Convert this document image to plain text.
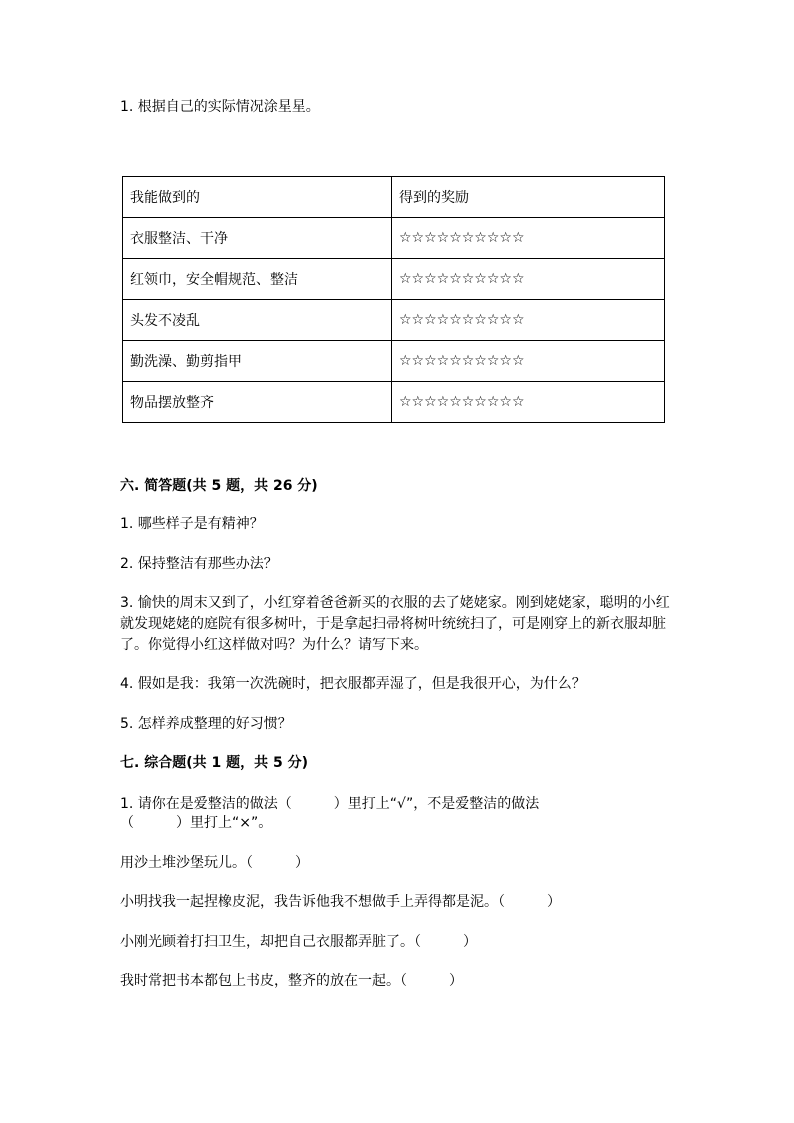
1. 根据自己的实际情况涂星星。
我能做到的	得到的奖励
衣服整洁、干净	☆☆☆☆☆☆☆☆☆☆
红领巾，安全帽规范、整洁	☆☆☆☆☆☆☆☆☆☆
头发不凌乱	☆☆☆☆☆☆☆☆☆☆
勤洗澡、勤剪指甲	☆☆☆☆☆☆☆☆☆☆
物品摆放整齐	☆☆☆☆☆☆☆☆☆☆
六. 简答题(共 5 题，共 26 分)
1. 哪些样子是有精神？
2. 保持整洁有那些办法？
3. 愉快的周末又到了，小红穿着爸爸新买的衣服的去了姥姥家。刚到姥姥家，聪明的小红就发现姥姥的庭院有很多树叶，于是拿起扫帚将树叶统统扫了，可是刚穿上的新衣服却脏了。你觉得小红这样做对吗？为什么？请写下来。
4. 假如是我：我第一次洗碗时，把衣服都弄湿了，但是我很开心，为什么？
5. 怎样养成整理的好习惯？
七. 综合题(共 1 题，共 5 分)
1. 请你在是爱整洁的做法（　　　）里打上“√”，不是爱整洁的做法
（　　　）里打上“×”。
用沙土堆沙堡玩儿。（　　　）
小明找我一起捏橡皮泥，我告诉他我不想做手上弄得都是泥。（　　　）
小刚光顾着打扫卫生，却把自己衣服都弄脏了。（　　　）
我时常把书本都包上书皮，整齐的放在一起。（　　　）
